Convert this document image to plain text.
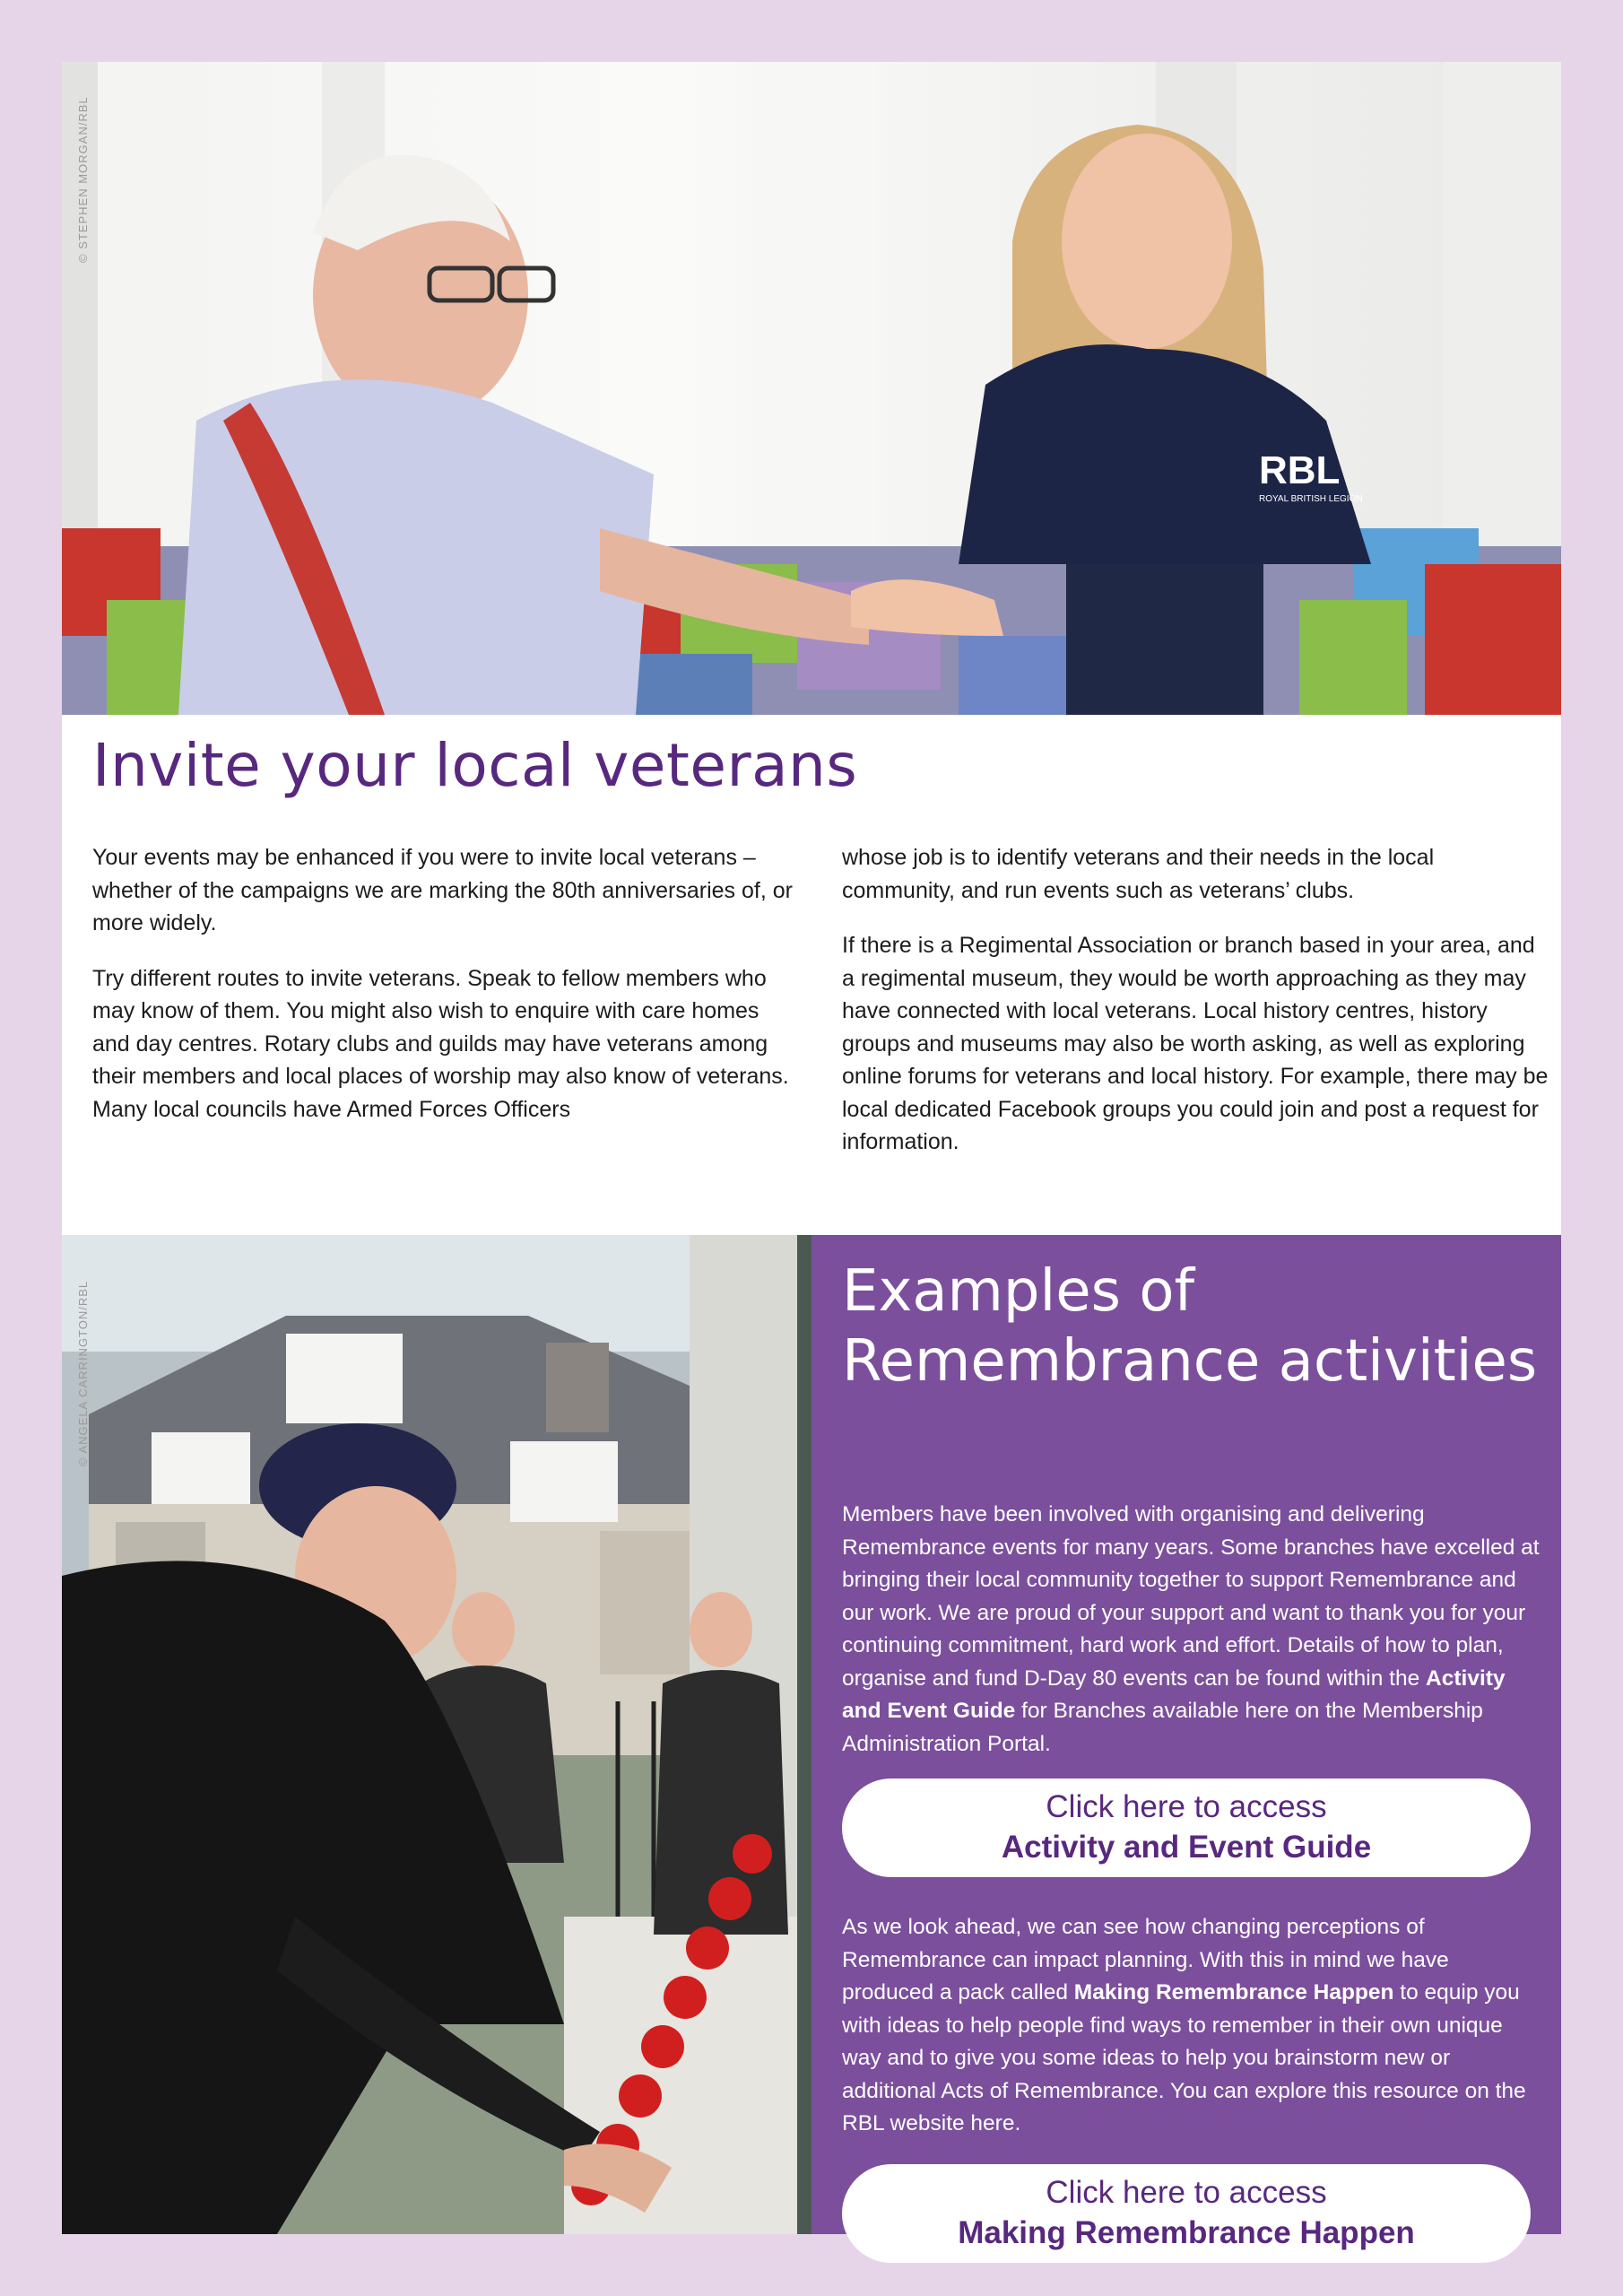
RBL
ROYAL BRITISH LEGION
© STEPHEN MORGAN/RBL
Invite your local veterans

Your events may be enhanced if you were to invite local veterans – whether of the campaigns we are marking the 80th anniversaries of, or more widely.

Try different routes to invite veterans. Speak to fellow members who may know of them. You might also wish to enquire with care homes and day centres. Rotary clubs and guilds may have veterans among their members and local places of worship may also know of veterans. Many local councils have Armed Forces Officers

whose job is to identify veterans and their needs in the local community, and run events such as veterans’ clubs.

If there is a Regimental Association or branch based in your area, and a regimental museum, they would be worth approaching as they may have connected with local veterans. Local history centres, history groups and museums may also be worth asking, as well as exploring online forums for veterans and local history. For example, there may be local dedicated Facebook groups you could join and post a request for information.

© ANGELA CARRINGTON/RBL	Examples of
Remembrance activities

Members have been involved with organising and delivering Remembrance events for many years. Some branches have excelled at bringing their local community together to support Remembrance and our work. We are proud of your support and want to thank you for your continuing commitment, hard work and effort. Details of how to plan, organise and fund D-Day 80 events can be found within the Activity and Event Guide for Branches available here on the Membership Administration Portal.

Click here to access
Activity and Event Guide

As we look ahead, we can see how changing perceptions of Remembrance can impact planning. With this in mind we have produced a pack called Making Remembrance Happen to equip you with ideas to help people find ways to remember in their own unique way and to give you some ideas to help you brainstorm new or additional Acts of Remembrance. You can explore this resource on the RBL website here.

Click here to access
Making Remembrance Happen
